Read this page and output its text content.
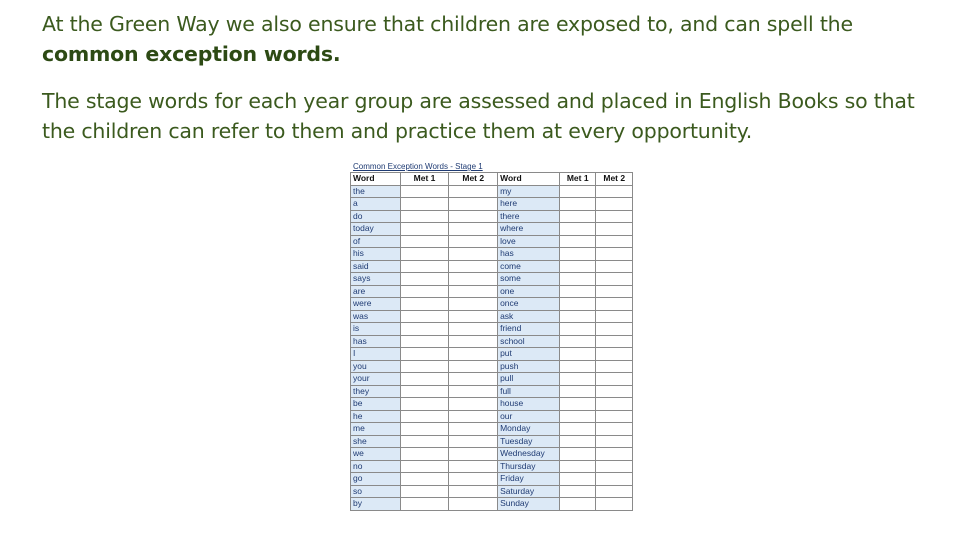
At the Green Way we also ensure that children are exposed to, and can spell the common exception words.

The stage words for each year group are assessed and placed in English Books so that the children can refer to them and practice them at every opportunity.

Common Exception Words - Stage 1
Word	Met 1	Met 2	Word	Met 1	Met 2
the			my		
a			here		
do			there		
today			where		
of			love		
his			has		
said			come		
says			some		
are			one		
were			once		
was			ask		
is			friend		
has			school		
I			put		
you			push		
your			pull		
they			full		
be			house		
he			our		
me			Monday		
she			Tuesday		
we			Wednesday		
no			Thursday		
go			Friday		
so			Saturday		
by			Sunday		
